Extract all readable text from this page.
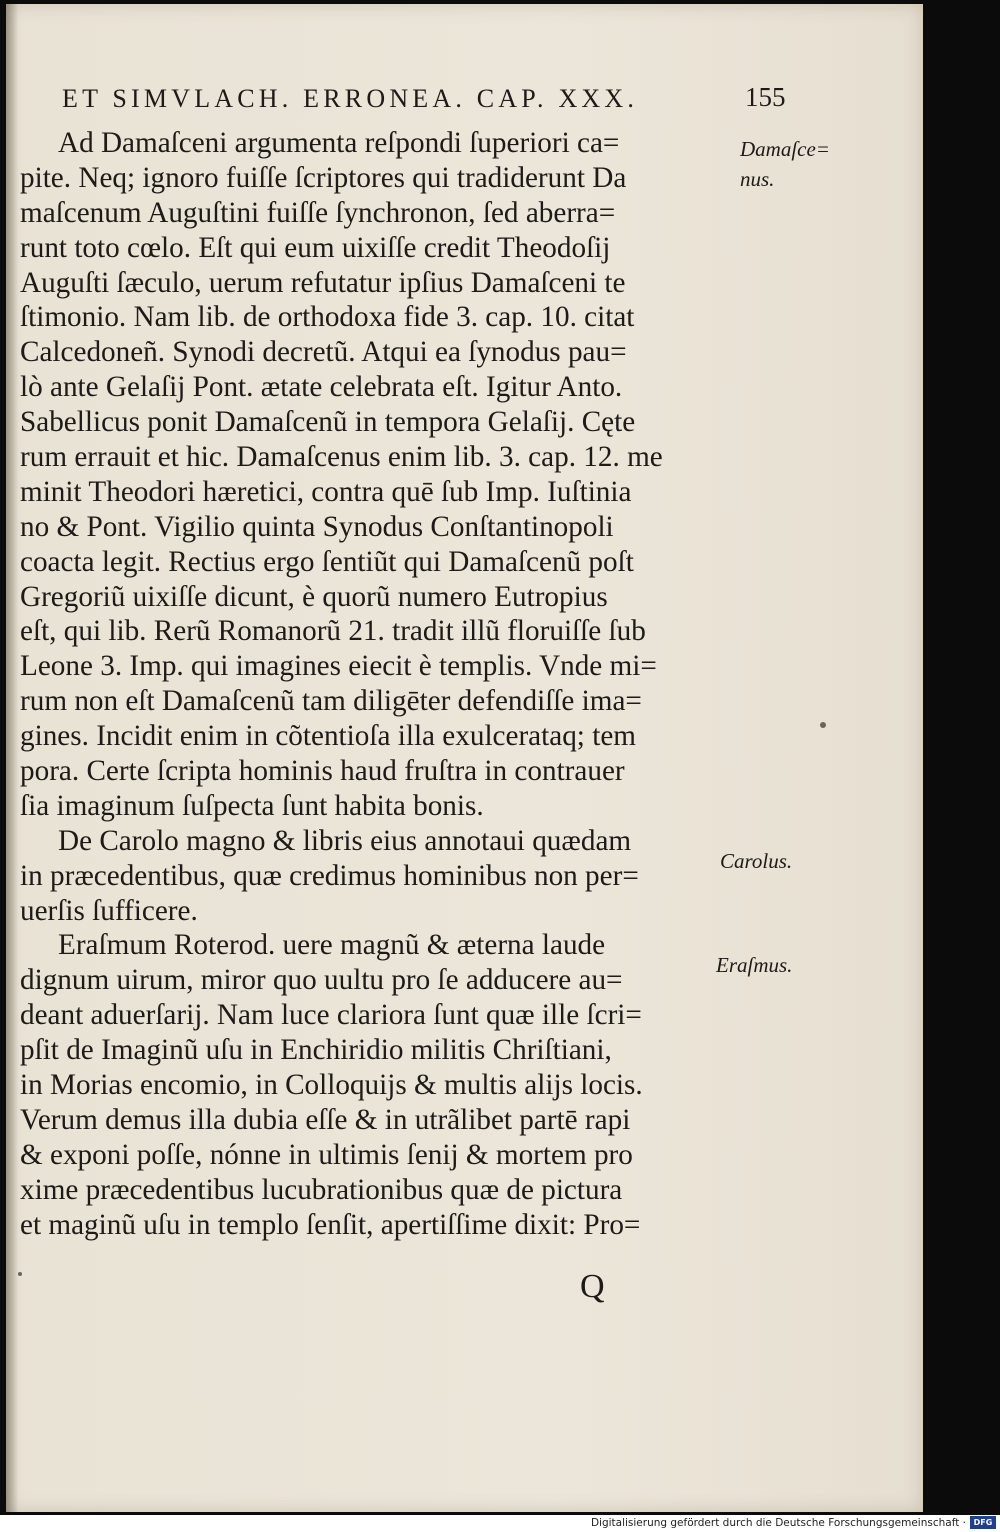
ET SIMVLACH. ERRONEA. CAP. XXX.	155
Ad Damaſceni argumenta reſpondi ſuperiori ca=
pite. Neq; ignoro fuiſſe ſcriptores qui tradiderunt Da
maſcenum Auguſtini fuiſſe ſynchronon, ſed aberra=
runt toto cœlo. Eſt qui eum uixiſſe credit Theodoſij
Auguſti ſæculo, uerum refutatur ipſius Damaſceni te
ſtimonio. Nam lib. de orthodoxa fide 3. cap. 10. citat
Calcedoneñ. Synodi decretũ. Atqui ea ſynodus pau=
lò ante Gelaſij Pont. ætate celebrata eſt. Igitur Anto.
Sabellicus ponit Damaſcenũ in tempora Gelaſij. Cęte
rum errauit et hic. Damaſcenus enim lib. 3. cap. 12. me
minit Theodori hæretici, contra quē ſub Imp. Iuſtinia
no & Pont. Vigilio quinta Synodus Conſtantinopoli
coacta legit. Rectius ergo ſentiũt qui Damaſcenũ poſt
Gregoriũ uixiſſe dicunt, è quorũ numero Eutropius
eſt, qui lib. Rerũ Romanorũ 21. tradit illũ floruiſſe ſub
Leone 3. Imp. qui imagines eiecit è templis. Vnde mi=
rum non eſt Damaſcenũ tam diligēter defendiſſe ima=
gines. Incidit enim in cõtentioſa illa exulcerataq; tem
pora. Certe ſcripta hominis haud fruſtra in contrauer
ſia imaginum ſuſpecta ſunt habita bonis.
De Carolo magno & libris eius annotaui quædam
in præcedentibus, quæ credimus hominibus non per=
uerſis ſufficere.
Eraſmum Roterod. uere magnũ & æterna laude
dignum uirum, miror quo uultu pro ſe adducere au=
deant aduerſarij. Nam luce clariora ſunt quæ ille ſcri=
pſit de Imaginũ uſu in Enchiridio militis Chriſtiani,
in Morias encomio, in Colloquijs & multis alijs locis.
Verum demus illa dubia eſſe & in utrãlibet partē rapi
& exponi poſſe, nónne in ultimis ſenij & mortem pro
xime præcedentibus lucubrationibus quæ de pictura
et maginũ uſu in templo ſenſit, apertiſſime dixit: Pro=
Damaſce=
nus.
Carolus.
Eraſmus.
Q
Digitalisierung gefördert durch die Deutsche Forschungsgemeinschaft · DFG
